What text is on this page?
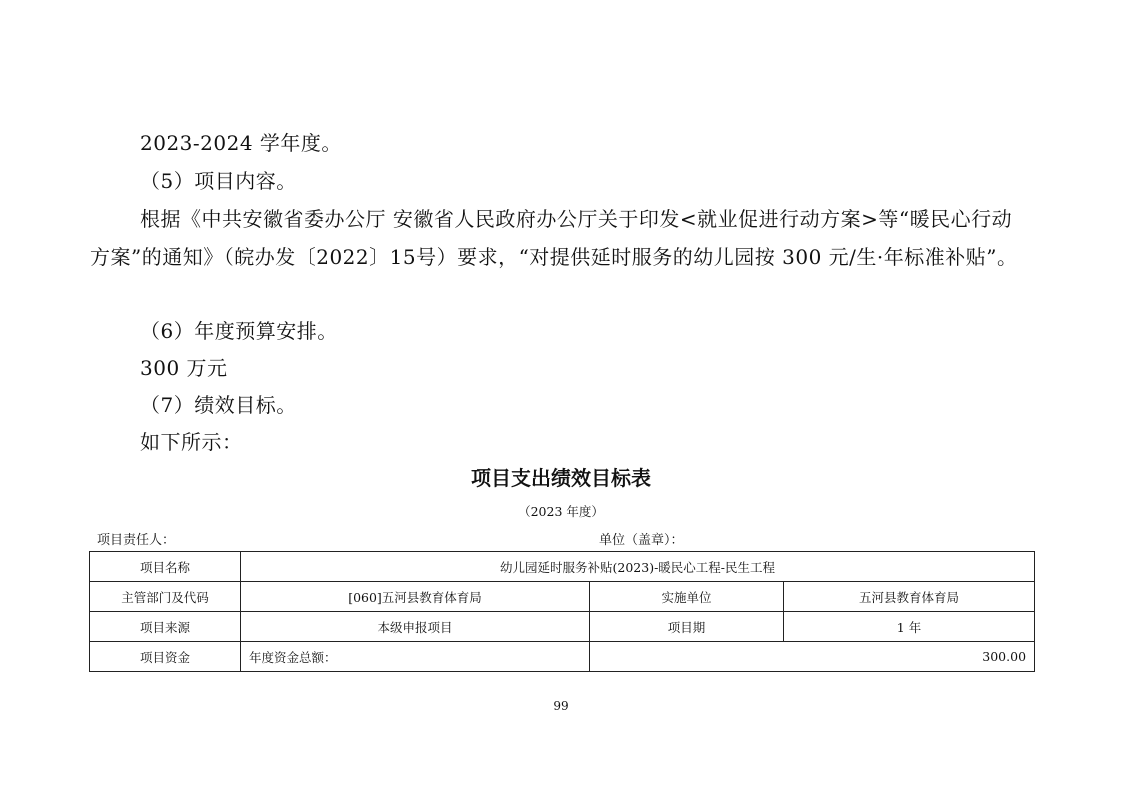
2023-2024 学年度。
（5）项目内容。
根据《中共安徽省委办公厅 安徽省人民政府办公厅关于印发<就业促进行动方案>等“暖民心行动方案”的通知》（皖办发〔2022〕15号）要求，“对提供延时服务的幼儿园按 300 元/生·年标准补贴”。
（6）年度预算安排。
300 万元
（7）绩效目标。
如下所示：
项目支出绩效目标表
（2023 年度）
项目责任人：	单位（盖章）：
项目名称	幼儿园延时服务补贴(2023)-暖民心工程-民生工程		
主管部门及代码	[060]五河县教育体育局	实施单位	五河县教育体育局
项目来源	本级申报项目	项目期	1 年
项目资金	年度资金总额：	300.00	
99
